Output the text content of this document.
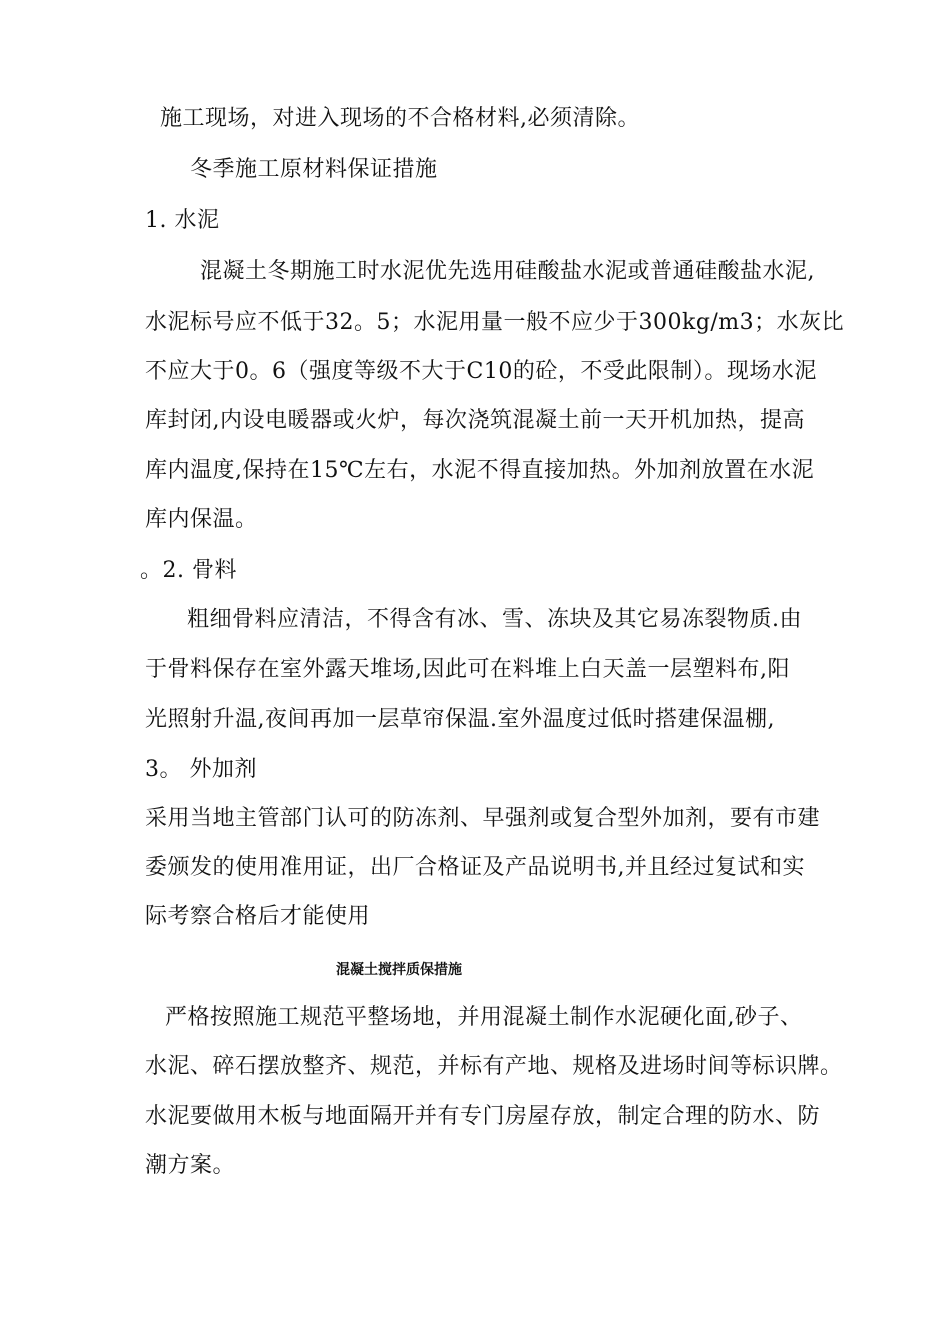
施工现场，对进入现场的不合格材料,必须清除。
冬季施工原材料保证措施
1. 水泥
混凝土冬期施工时水泥优先选用硅酸盐水泥或普通硅酸盐水泥,
水泥标号应不低于32。5；水泥用量一般不应少于300kg/m3；水灰比
不应大于0。6（强度等级不大于C10的砼，不受此限制）。现场水泥
库封闭,内设电暖器或火炉，每次浇筑混凝土前一天开机加热，提高
库内温度,保持在15℃左右，水泥不得直接加热。外加剂放置在水泥
库内保温。
。2. 骨料
粗细骨料应清洁，不得含有冰、雪、冻块及其它易冻裂物质.由
于骨料保存在室外露天堆场,因此可在料堆上白天盖一层塑料布,阳
光照射升温,夜间再加一层草帘保温.室外温度过低时搭建保温棚,
3。 外加剂
采用当地主管部门认可的防冻剂、早强剂或复合型外加剂，要有市建
委颁发的使用准用证，出厂合格证及产品说明书,并且经过复试和实
际考察合格后才能使用
混凝土搅拌质保措施
严格按照施工规范平整场地，并用混凝土制作水泥硬化面,砂子、
水泥、碎石摆放整齐、规范，并标有产地、规格及进场时间等标识牌。
水泥要做用木板与地面隔开并有专门房屋存放，制定合理的防水、防
潮方案。
